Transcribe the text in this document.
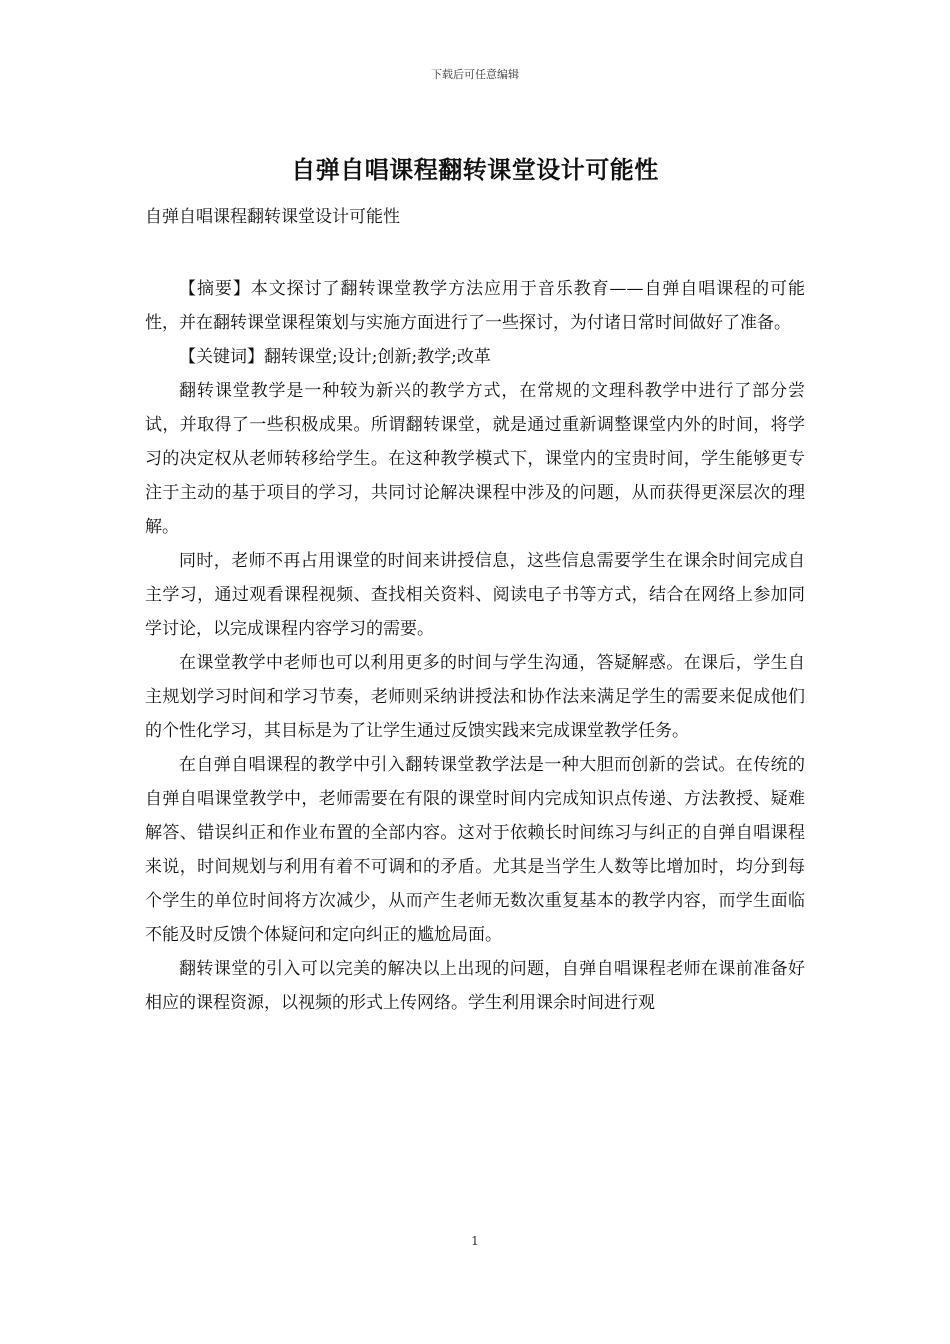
下载后可任意编辑
自弹自唱课程翻转课堂设计可能性
自弹自唱课程翻转课堂设计可能性

【摘要】本文探讨了翻转课堂教学方法应用于音乐教育——自弹自唱课程的可能性，并在翻转课堂课程策划与实施方面进行了一些探讨，为付诸日常时间做好了准备。

【关键词】翻转课堂;设计;创新;教学;改革

翻转课堂教学是一种较为新兴的教学方式，在常规的文理科教学中进行了部分尝试，并取得了一些积极成果。所谓翻转课堂，就是通过重新调整课堂内外的时间，将学习的决定权从老师转移给学生。在这种教学模式下，课堂内的宝贵时间，学生能够更专注于主动的基于项目的学习，共同讨论解决课程中涉及的问题，从而获得更深层次的理解。

同时，老师不再占用课堂的时间来讲授信息，这些信息需要学生在课余时间完成自主学习，通过观看课程视频、查找相关资料、阅读电子书等方式，结合在网络上参加同学讨论，以完成课程内容学习的需要。

在课堂教学中老师也可以利用更多的时间与学生沟通，答疑解惑。在课后，学生自主规划学习时间和学习节奏，老师则采纳讲授法和协作法来满足学生的需要来促成他们的个性化学习，其目标是为了让学生通过反馈实践来完成课堂教学任务。

在自弹自唱课程的教学中引入翻转课堂教学法是一种大胆而创新的尝试。在传统的自弹自唱课堂教学中，老师需要在有限的课堂时间内完成知识点传递、方法教授、疑难解答、错误纠正和作业布置的全部内容。这对于依赖长时间练习与纠正的自弹自唱课程来说，时间规划与利用有着不可调和的矛盾。尤其是当学生人数等比增加时，均分到每个学生的单位时间将方次减少，从而产生老师无数次重复基本的教学内容，而学生面临不能及时反馈个体疑问和定向纠正的尴尬局面。

翻转课堂的引入可以完美的解决以上出现的问题，自弹自唱课程老师在课前准备好相应的课程资源，以视频的形式上传网络。学生利用课余时间进行观

1
